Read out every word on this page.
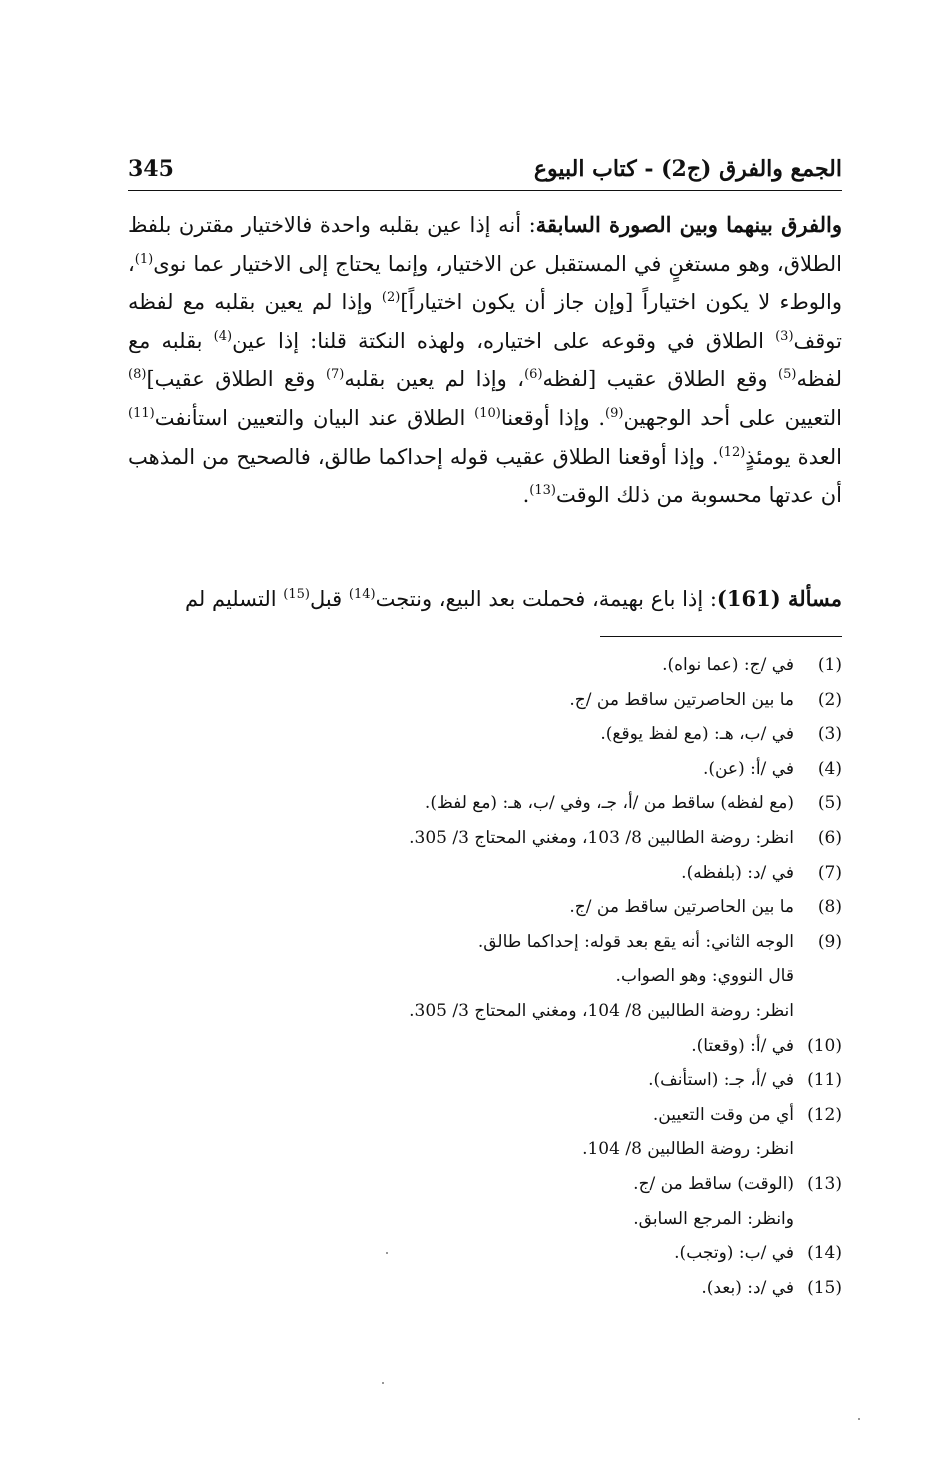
الجمع والفرق (ج2) - كتاب البيوع
345

والفرق بينهما وبين الصورة السابقة: أنه إذا عين بقلبه واحدة فالاختيار مقترن بلفظ الطلاق، وهو مستغنٍ في المستقبل عن الاختيار، وإنما يحتاج إلى الاختيار عما نوى$^{(1)}$، والوطء لا يكون اختياراً [وإن جاز أن يكون اختياراً]$^{(2)}$ وإذا لم يعين بقلبه مع لفظه توقف$^{(3)}$ الطلاق في وقوعه على اختياره، ولهذه النكتة قلنا: إذا عين$^{(4)}$ بقلبه مع لفظه$^{(5)}$ وقع الطلاق عقيب [لفظه$^{(6)}$، وإذا لم يعين بقلبه$^{(7)}$ وقع الطلاق عقيب]$^{(8)}$ التعيين على أحد الوجهين$^{(9)}$. وإذا أوقعنا$^{(10)}$ الطلاق عند البيان والتعيين استأنفت$^{(11)}$ العدة يومئذٍ$^{(12)}$. وإذا أوقعنا الطلاق عقيب قوله إحداكما طالق، فالصحيح من المذهب أن عدتها محسوبة من ذلك الوقت$^{(13)}$.

مسألة (161): إذا باع بهيمة، فحملت بعد البيع، ونتجت$^{(14)}$ قبل$^{(15)}$ التسليم لم

(1)
في /ج: (عما نواه).
(2)
ما بين الحاصرتين ساقط من /ج.
(3)
في /ب، هـ: (مع لفظ يوقع).
(4)
في /أ: (عن).
(5)
(مع لفظه) ساقط من /أ، جـ، وفي /ب، هـ: (مع لفظ).
(6)
انظر: روضة الطالبين 8/ 103، ومغني المحتاج 3/ 305.
(7)
في /د: (بلفظه).
(8)
ما بين الحاصرتين ساقط من /ج.
(9)
الوجه الثاني: أنه يقع بعد قوله: إحداكما طالق.
قال النووي: وهو الصواب.
انظر: روضة الطالبين 8/ 104، ومغني المحتاج 3/ 305.
(10)
في /أ: (وقعتا).
(11)
في /أ، جـ: (استأنف).
(12)
أي من وقت التعيين.
انظر: روضة الطالبين 8/ 104.
(13)
(الوقت) ساقط من /ج.
وانظر: المرجع السابق.
(14)
في /ب: (وتجب).
(15)
في /د: (بعد).
